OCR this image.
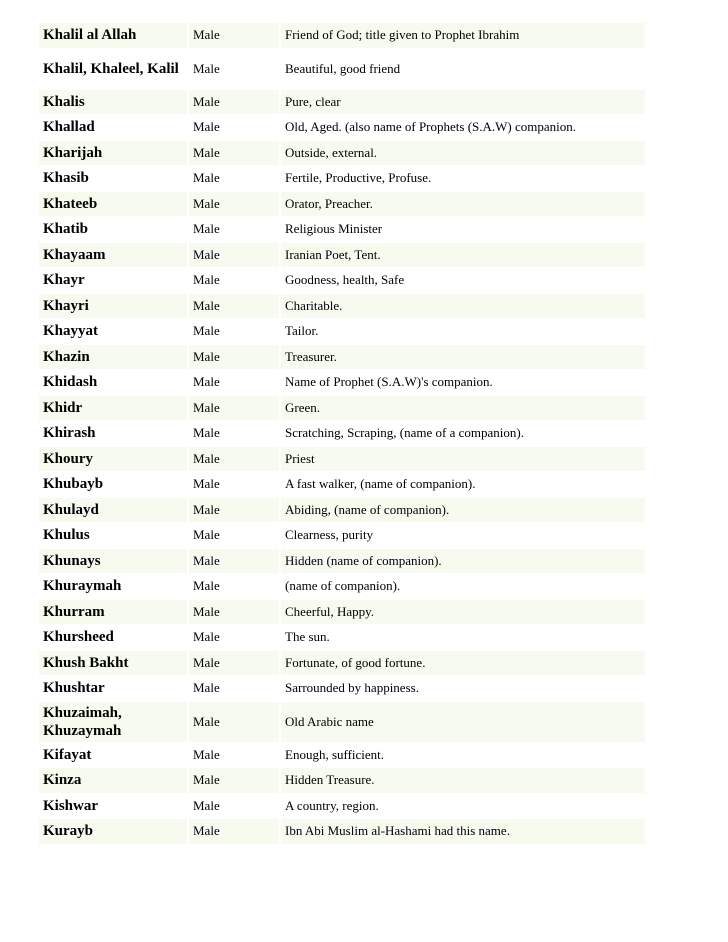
Khalil al Allah	Male	Friend of God; title given to Prophet Ibrahim
Khalil, Khaleel, Kalil	Male	Beautiful, good friend
Khalis	Male	Pure, clear
Khallad	Male	Old, Aged. (also name of Prophets (S.A.W) companion.
Kharijah	Male	Outside, external.
Khasib	Male	Fertile, Productive, Profuse.
Khateeb	Male	Orator, Preacher.
Khatib	Male	Religious Minister
Khayaam	Male	Iranian Poet, Tent.
Khayr	Male	Goodness, health, Safe
Khayri	Male	Charitable.
Khayyat	Male	Tailor.
Khazin	Male	Treasurer.
Khidash	Male	Name of Prophet (S.A.W)'s companion.
Khidr	Male	Green.
Khirash	Male	Scratching, Scraping, (name of a companion).
Khoury	Male	Priest
Khubayb	Male	A fast walker, (name of companion).
Khulayd	Male	Abiding, (name of companion).
Khulus	Male	Clearness, purity
Khunays	Male	Hidden (name of companion).
Khuraymah	Male	(name of companion).
Khurram	Male	Cheerful, Happy.
Khursheed	Male	The sun.
Khush Bakht	Male	Fortunate, of good fortune.
Khushtar	Male	Sarrounded by happiness.
Khuzaimah, Khuzaymah	Male	Old Arabic name
Kifayat	Male	Enough, sufficient.
Kinza	Male	Hidden Treasure.
Kishwar	Male	A country, region.
Kurayb	Male	Ibn Abi Muslim al-Hashami had this name.
